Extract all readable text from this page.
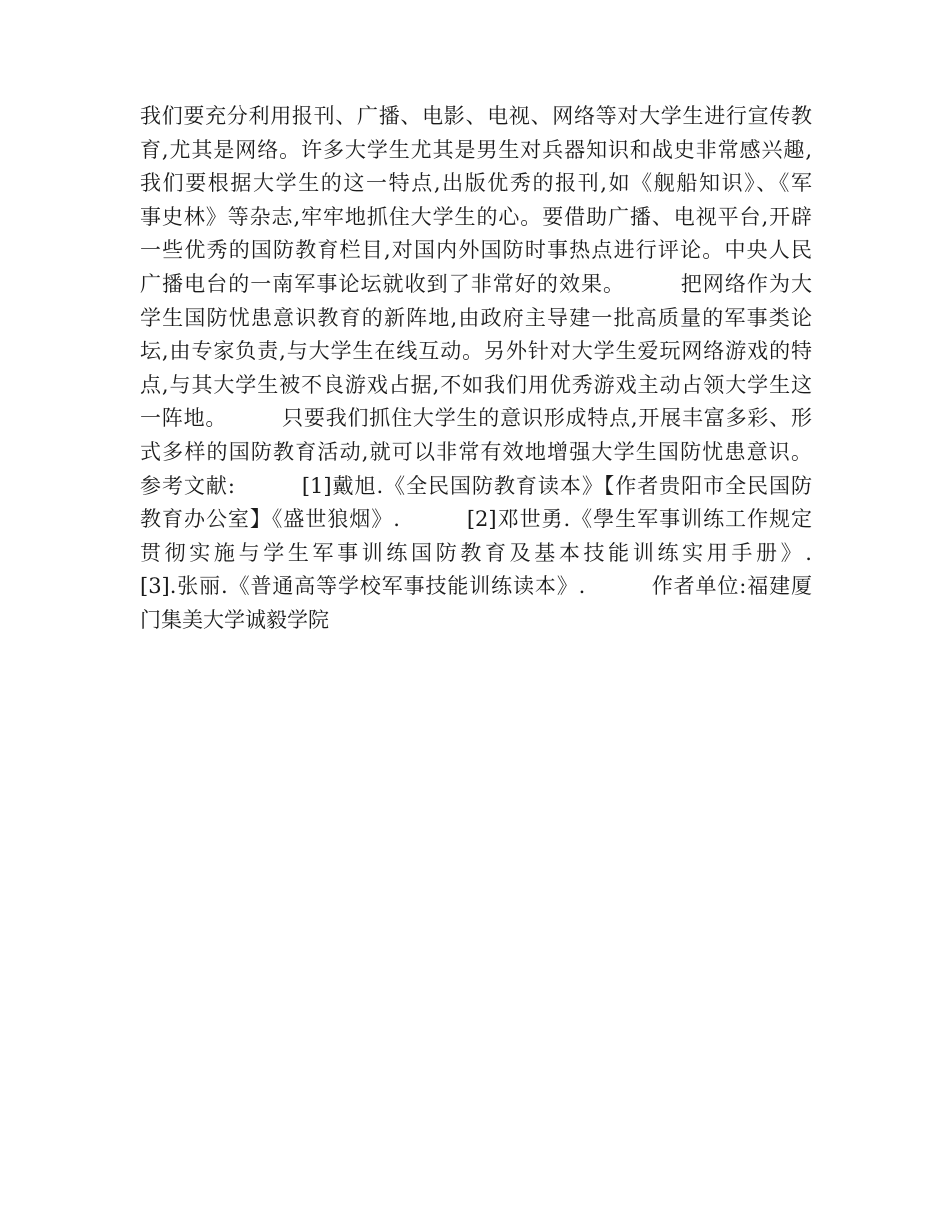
我们要充分利用报刊、广播、电影、电视、网络等对大学生进行宣传教
育,尤其是网络。许多大学生尤其是男生对兵器知识和战史非常感兴趣,
我们要根据大学生的这一特点,出版优秀的报刊,如《舰船知识》、《军
事史林》等杂志,牢牢地抓住大学生的心。要借助广播、电视平台,开辟
一些优秀的国防教育栏目,对国内外国防时事热点进行评论。中央人民
广播电台的一南军事论坛就收到了非常好的效果。　　　把网络作为大
学生国防忧患意识教育的新阵地,由政府主导建一批高质量的军事类论
坛,由专家负责,与大学生在线互动。另外针对大学生爱玩网络游戏的特
点,与其大学生被不良游戏占据,不如我们用优秀游戏主动占领大学生这
一阵地。　　　只要我们抓住大学生的意识形成特点,开展丰富多彩、形
式多样的国防教育活动,就可以非常有效地增强大学生国防忧患意识。
参考文献:　　　[1]戴旭.《全民国防教育读本》【作者贵阳市全民国防
教育办公室】《盛世狼烟》.　　　[2]邓世勇.《學生军事训练工作规定
贯彻实施与学生军事训练国防教育及基本技能训练实用手册》.
[3].张丽.《普通高等学校军事技能训练读本》.　　　作者单位:福建厦
门集美大学诚毅学院
